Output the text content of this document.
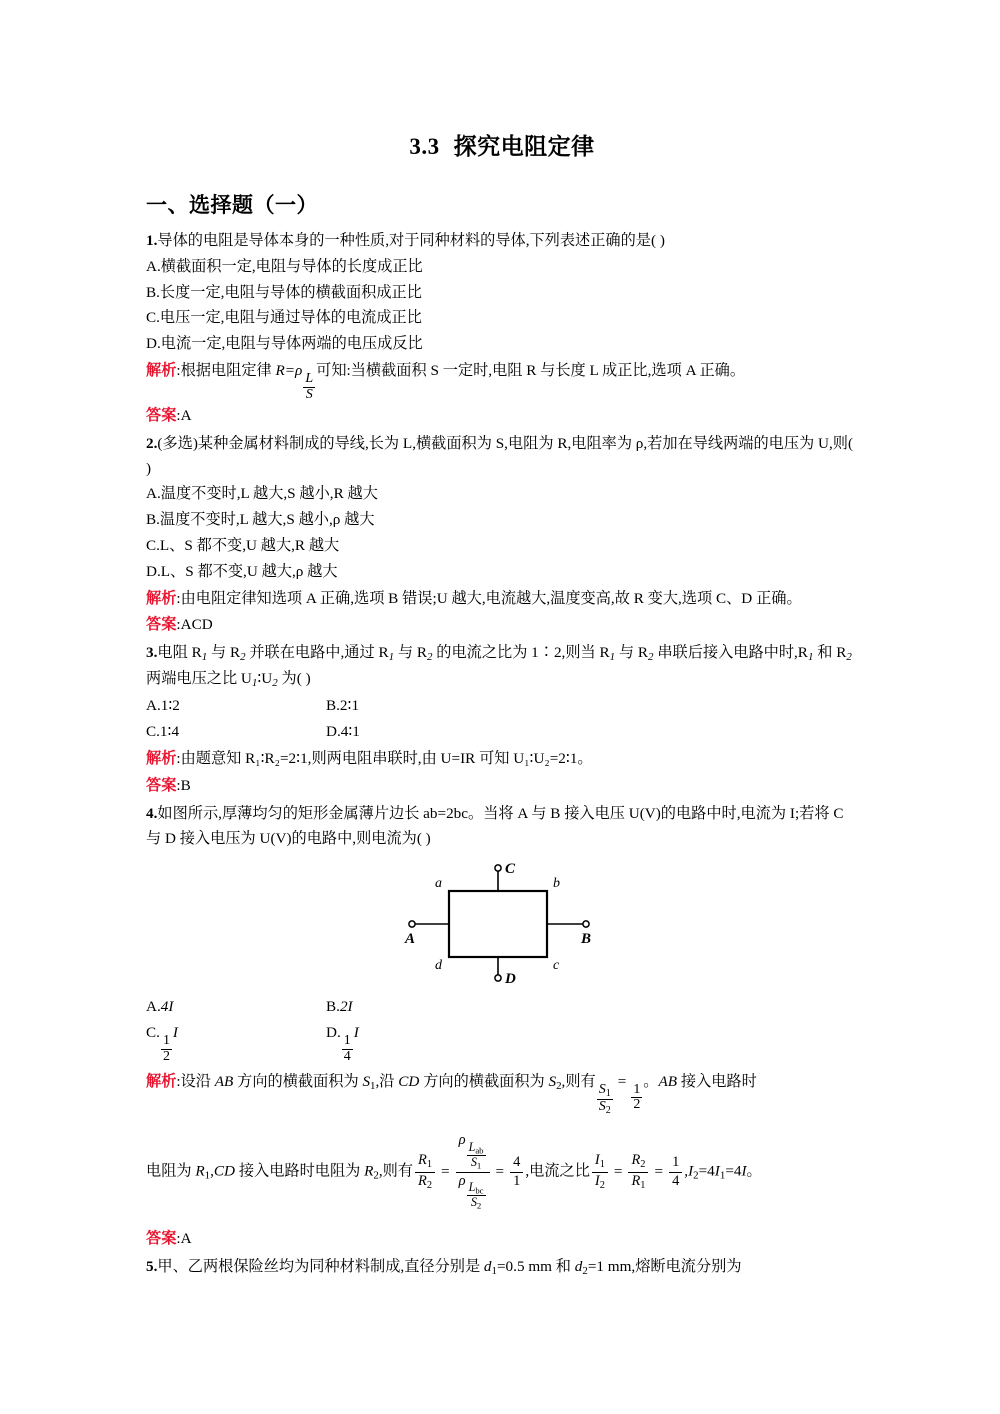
3.3 探究电阻定律
一、选择题（一）

1.导体的电阻是导体本身的一种性质,对于同种材料的导体,下列表述正确的是( )

A.横截面积一定,电阻与导体的长度成正比

B.长度一定,电阻与导体的横截面积成正比

C.电压一定,电阻与通过导体的电流成正比

D.电流一定,电阻与导体两端的电压成反比

解析:根据电阻定律 R=ρ
$\frac{L}{S}$
可知:当横截面积 S 一定时,电阻 R 与长度 L 成正比,选项 A 正确。

答案:A

2.(多选)某种金属材料制成的导线,长为 L,横截面积为 S,电阻为 R,电阻率为 ρ,若加在导线两端的电压为 U,则( )

A.温度不变时,L 越大,S 越小,R 越大

B.温度不变时,L 越大,S 越小,ρ 越大

C.L、S 都不变,U 越大,R 越大

D.L、S 都不变,U 越大,ρ 越大

解析:由电阻定律知选项 A 正确,选项 B 错误;U 越大,电流越大,温度变高,故 R 变大,选项 C、D 正确。

答案:ACD

3.电阻 $R_1$ 与 $R_2$ 并联在电路中,通过 $R_1$ 与 $R_2$ 的电流之比为 1∶2,则当 $R_1$ 与 $R_2$ 串联后接入电路中时$,R_1$ 和 $R_2$ 两端电压之比 $U_1∶U_2$ 为( )

A.1∶2	B.2∶1

C.1∶4	D.4∶1

解析:由题意知 R₁∶R₂=2∶1,则两电阻串联时,由 U=IR 可知 U₁∶U₂=2∶1。

答案:B

4.如图所示,厚薄均匀的矩形金属薄片边长 ab=2bc。当将 A 与 B 接入电压 U(V)的电路中时,电流为 I;若将 C 与 D 接入电压为 U(V)的电路中,则电流为( )

a	b
c
d
C
D
A	B

A.4I	B.2I

C.
$\frac{1}{2}$
I	D.
$\frac{1}{4}$
I

解析:设沿 AB 方向的横截面积为 $S_1$,沿 CD 方向的横截面积为 $S_2$,则有
$\frac{S_1}{S_2}$
=
$\frac{1}{2}$
。AB 接入电路时

电阻为 $R_1,CD$ 接入电路时电阻为 $R_2$,则有 $\frac{R_1}{R_2} = \rho$
$\frac{L_{ab}}{S_1}$
ρ
$\frac{L_{bc}}{S_2} = \frac{4}{1}$ ,电流之比 $\frac{I_1}{I_2} = \frac{R_2}{R_1} = \frac{1}{4} ,I_2=4I_1=4I$。

答案:A

5.甲、乙两根保险丝均为同种材料制成,直径分别是 $d_1=0.5$ mm 和 $d_2=1$ mm,熔断电流分别为
